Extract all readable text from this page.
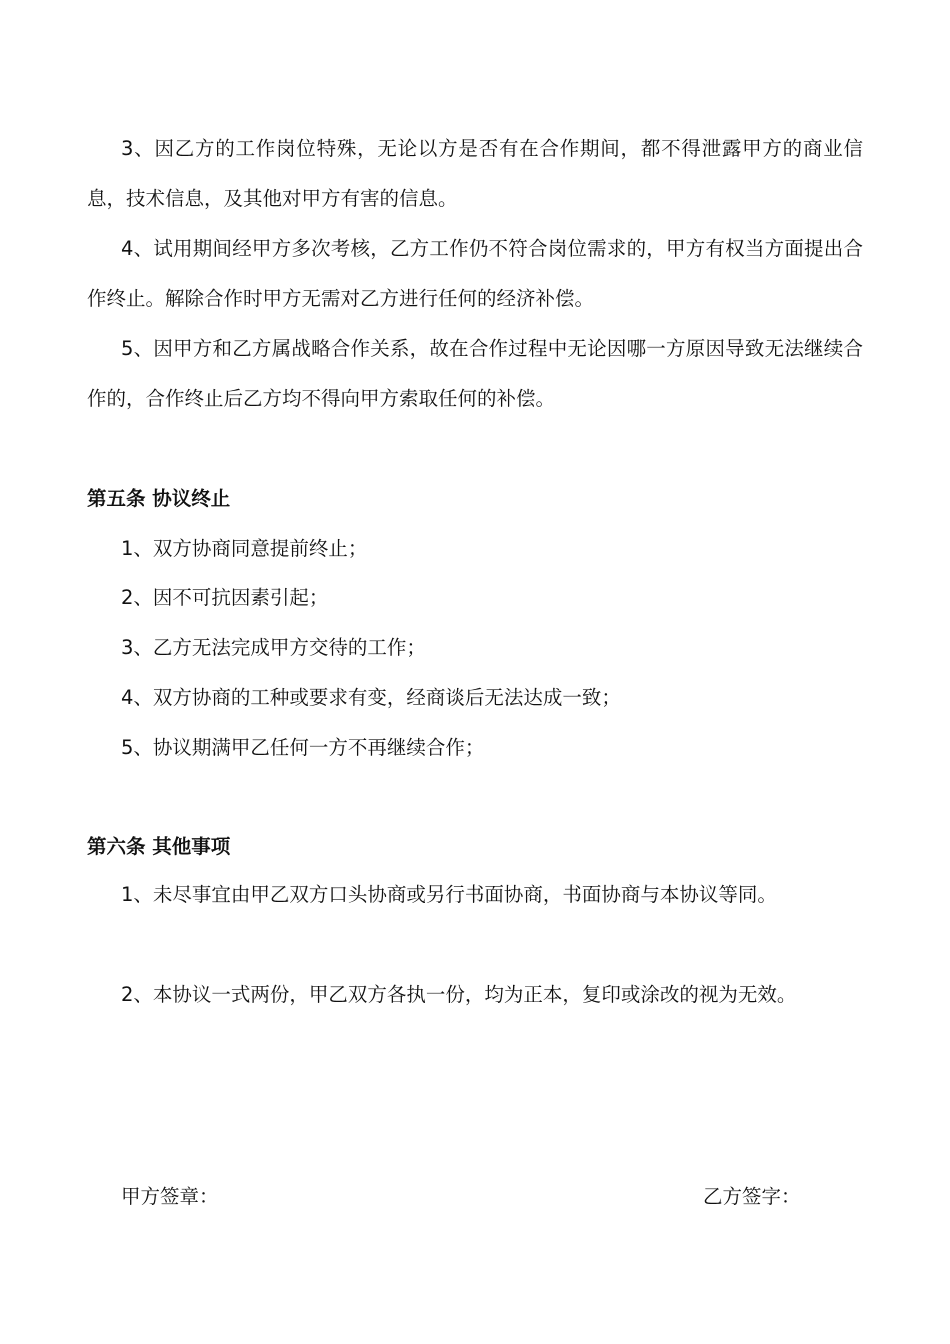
3、因乙方的工作岗位特殊，无论以方是否有在合作期间，都不得泄露甲方的商业信息，技术信息，及其他对甲方有害的信息。

4、试用期间经甲方多次考核，乙方工作仍不符合岗位需求的，甲方有权当方面提出合作终止。解除合作时甲方无需对乙方进行任何的经济补偿。

5、因甲方和乙方属战略合作关系，故在合作过程中无论因哪一方原因导致无法继续合作的，合作终止后乙方均不得向甲方索取任何的补偿。

第五条 协议终止

1、双方协商同意提前终止；

2、因不可抗因素引起；

3、乙方无法完成甲方交待的工作；

4、双方协商的工种或要求有变，经商谈后无法达成一致；

5、协议期满甲乙任何一方不再继续合作；

第六条 其他事项

1、未尽事宜由甲乙双方口头协商或另行书面协商，书面协商与本协议等同。

2、本协议一式两份，甲乙双方各执一份，均为正本，复印或涂改的视为无效。

甲方签章：	乙方签字：
